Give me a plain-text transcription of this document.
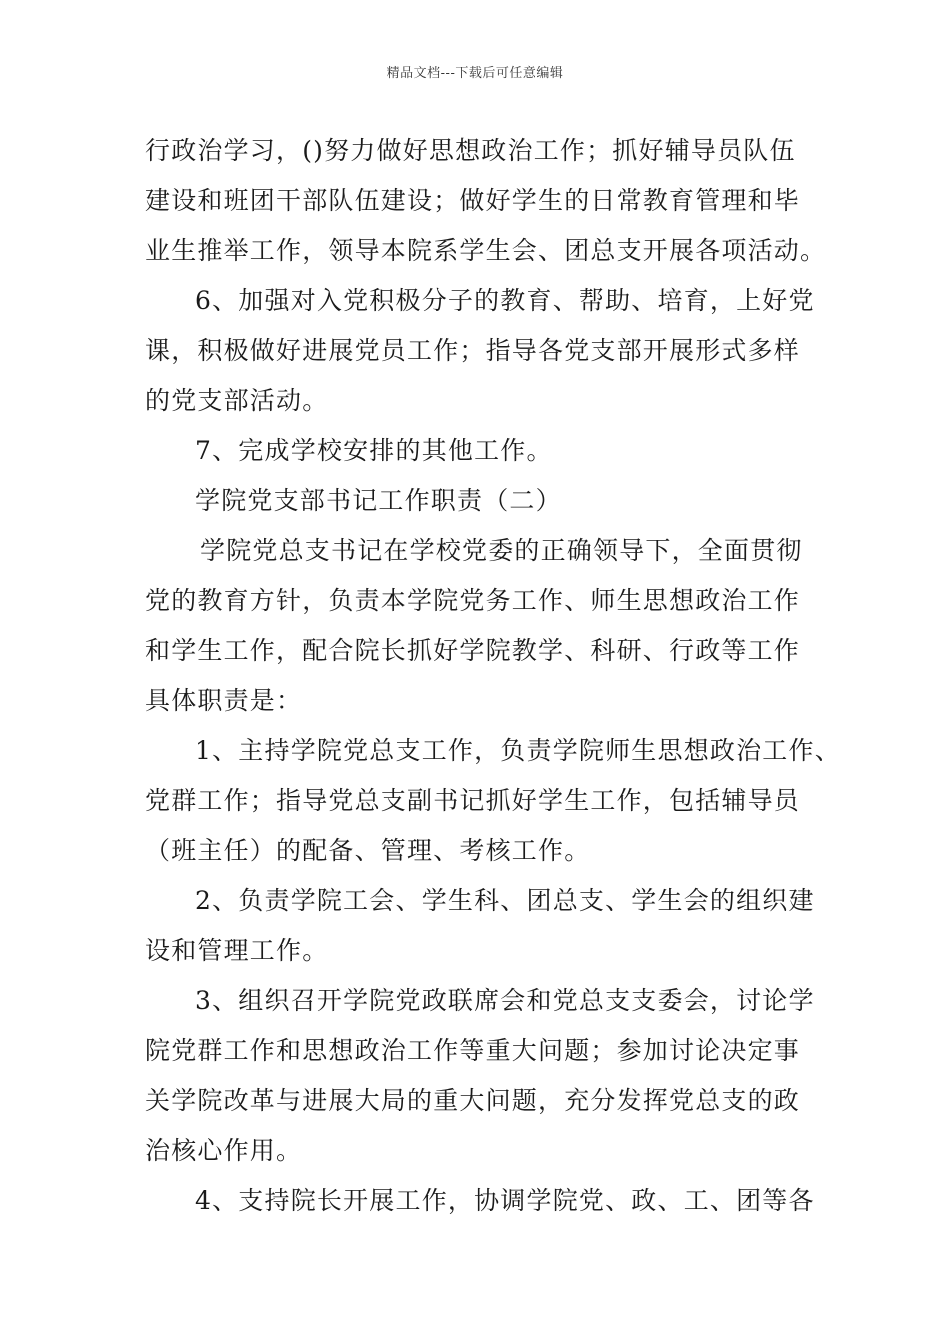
精品文档---下载后可任意编辑
行政治学习，()努力做好思想政治工作；抓好辅导员队伍
建设和班团干部队伍建设；做好学生的日常教育管理和毕
业生推举工作，领导本院系学生会、团总支开展各项活动。
6、加强对入党积极分子的教育、帮助、培育，上好党
课，积极做好进展党员工作；指导各党支部开展形式多样
的党支部活动。
7、完成学校安排的其他工作。
学院党支部书记工作职责（二）
学院党总支书记在学校党委的正确领导下，全面贯彻
党的教育方针，负责本学院党务工作、师生思想政治工作
和学生工作，配合院长抓好学院教学、科研、行政等工作
具体职责是：
1、主持学院党总支工作，负责学院师生思想政治工作、
党群工作；指导党总支副书记抓好学生工作，包括辅导员
（班主任）的配备、管理、考核工作。
2、负责学院工会、学生科、团总支、学生会的组织建
设和管理工作。
3、组织召开学院党政联席会和党总支支委会，讨论学
院党群工作和思想政治工作等重大问题；参加讨论决定事
关学院改革与进展大局的重大问题，充分发挥党总支的政
治核心作用。
4、支持院长开展工作，协调学院党、政、工、团等各
